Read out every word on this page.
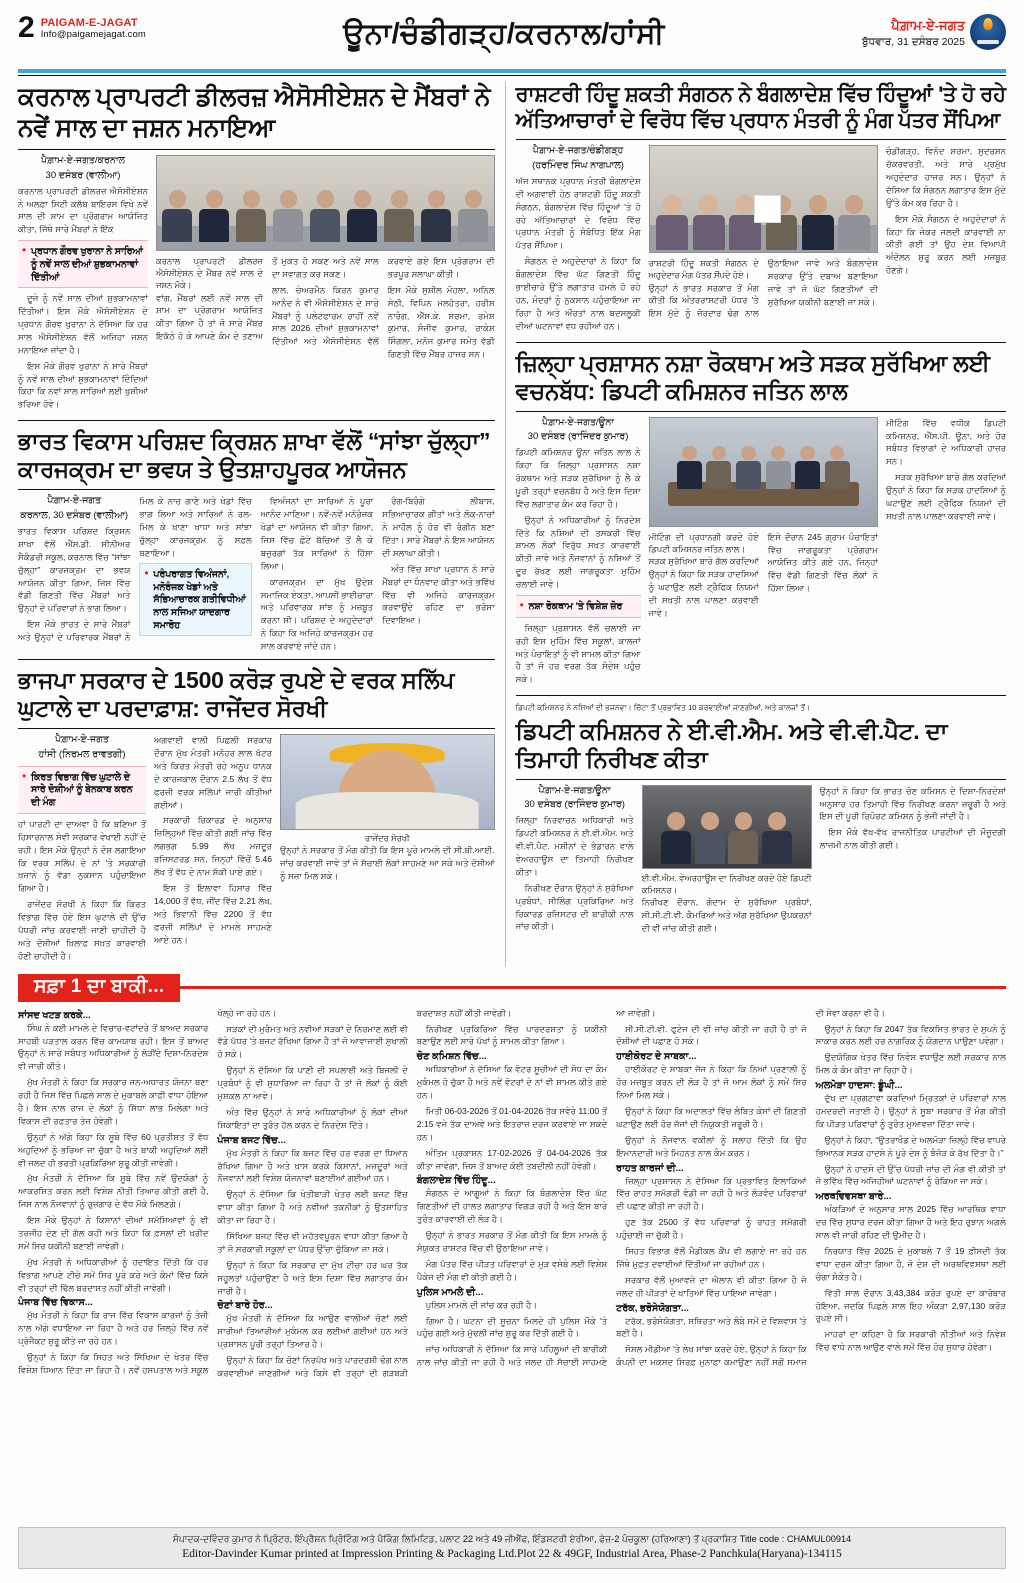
2 PAIGAM-E-JAGAT
Info@paigamejagat.com	ਊਨਾ/ਚੰਡੀਗੜ੍ਹ/ਕਰਨਾਲ/ਹਾਂਸੀ	ਪੈਗ਼ਾਮ-ਏ-ਜਗਤ
ਬੁੱਧਵਾਰ, 31 ਦਸੰਬਰ 2025
ਕਰਨਾਲ ਪ੍ਰਾਪਰਟੀ ਡੀਲਰਜ਼ ਐਸੋਸੀਏਸ਼ਨ ਦੇ ਮੈਂਬਰਾਂ ਨੇ ਨਵੇਂ ਸਾਲ ਦਾ ਜਸ਼ਨ ਮਨਾਇਆ
ਪੈਗ਼ਾਮ-ਏ-ਜਗਤ/ਕਰਨਾਲ
30 ਦਸੰਬਰ (ਵਾਲੀਆ)

ਕਰਨਾਲ ਪ੍ਰਾਪਰਟੀ ਡੀਲਰਜ਼ ਐਸੋਸੀਏਸ਼ਨ ਨੇ ਅਲਫ਼ਾ ਸਿਟੀ ਕਲੱਬ ਬਾਇਰਸ ਵਿਖੇ ਨਵੇਂ ਸਾਲ ਦੀ ਸ਼ਾਮ ਦਾ ਪ੍ਰੋਗਰਾਮ ਆਯੋਜਿਤ ਕੀਤਾ, ਜਿੱਥੇ ਸਾਰੇ ਮੈਂਬਰਾਂ ਨੇ ਇੱਕ

• ਪ੍ਰਧਾਨ ਗੌਰਵ ਖੁਰਾਨਾ ਨੇ ਸਾਰਿਆਂ ਨੂੰ ਨਵੇਂ ਸਾਲ ਦੀਆਂ ਸ਼ੁਭਕਾਮਨਾਵਾਂ ਦਿੱਤੀਆਂ

ਦੂਜੇ ਨੂੰ ਨਵੇਂ ਸਾਲ ਦੀਆਂ ਸ਼ੁਭਕਾਮਨਾਵਾਂ ਦਿੱਤੀਆਂ। ਇਸ ਮੌਕੇ ਐਸੋਸੀਏਸ਼ਨ ਦੇ ਪ੍ਰਧਾਨ ਗੌਰਵ ਖੁਰਾਨਾ ਨੇ ਦੱਸਿਆ ਕਿ ਹਰ ਸਾਲ ਐਸੋਸੀਏਸ਼ਨ ਵੱਲੋਂ ਅਜਿਹਾ ਜਸ਼ਨ ਮਨਾਇਆ ਜਾਂਦਾ ਹੈ।

ਇਸ ਮੌਕੇ ਗੌਰਵ ਖੁਰਾਨਾ ਨੇ ਸਾਰੇ ਮੈਂਬਰਾਂ ਨੂੰ ਨਵੇਂ ਸਾਲ ਦੀਆਂ ਸ਼ੁਭਕਾਮਨਾਵਾਂ ਦਿੰਦਿਆਂ ਕਿਹਾ ਕਿ ਨਵਾਂ ਸਾਲ ਸਾਰਿਆਂ ਲਈ ਖੁਸ਼ੀਆਂ ਭਰਿਆ ਹੋਵੇ।

ਕਰਨਾਲ ਪ੍ਰਾਪਰਟੀ ਡੀਲਰਜ਼ ਐਸੋਸੀਏਸ਼ਨ ਦੇ ਮੈਂਬਰ ਨਵੇਂ ਸਾਲ ਦੇ ਜਸ਼ਨ ਮੌਕੇ।

ਵਾਂਗ, ਮੈਂਬਰਾਂ ਲਈ ਨਵੇਂ ਸਾਲ ਦੀ ਸ਼ਾਮ ਦਾ ਪ੍ਰੋਗਰਾਮ ਆਯੋਜਿਤ ਕੀਤਾ ਗਿਆ ਹੈ ਤਾਂ ਜੋ ਸਾਰੇ ਮੈਂਬਰ ਇਕੱਠੇ ਹੋ ਕੇ ਆਪਣੇ ਕੰਮ ਦੇ ਤਣਾਅ ਤੋਂ ਮੁਕਤ ਹੋ ਸਕਣ ਅਤੇ ਨਵੇਂ ਸਾਲ ਦਾ ਸਵਾਗਤ ਕਰ ਸਕਣ।

ਲਾਲ, ਚੇਅਰਮੈਨ ਕਿਰਨ ਕੁਮਾਰ ਆਨੰਦ ਨੇ ਵੀ ਐਸੋਸੀਏਸ਼ਨ ਦੇ ਸਾਰੇ ਮੈਂਬਰਾਂ ਨੂੰ ਪਲੇਟਫਾਰਮ ਰਾਹੀਂ ਨਵੇਂ ਸਾਲ 2026 ਦੀਆਂ ਸ਼ੁਭਕਾਮਨਾਵਾਂ ਦਿੱਤੀਆਂ ਅਤੇ ਐਸੋਸੀਏਸ਼ਨ ਵੱਲੋਂ ਕਰਵਾਏ ਗਏ ਇਸ ਪ੍ਰੋਗਰਾਮ ਦੀ ਭਰਪੂਰ ਸਲਾਘਾ ਕੀਤੀ।

ਇਸ ਮੌਕੇ ਸੁਸ਼ੀਲ ਮੋਹਲਾ, ਅਨਿਲ ਸੇਠੀ, ਵਿਪਿਨ ਮਲਹੋਤਰਾ, ਹਰੀਸ਼ ਨਾਰੰਗ, ਐੱਸ.ਕੇ. ਸ਼ਰਮਾ, ਰਮੇਸ਼ ਕੁਮਾਰ, ਸੰਜੀਵ ਕੁਮਾਰ, ਰਾਕੇਸ਼ ਸਿੰਗਲਾ, ਮਨੋਜ ਕੁਮਾਰ ਸਮੇਤ ਵੱਡੀ ਗਿਣਤੀ ਵਿੱਚ ਮੈਂਬਰ ਹਾਜ਼ਰ ਸਨ।

ਭਾਰਤ ਵਿਕਾਸ ਪਰਿਸ਼ਦ ਕ੍ਰਿਸ਼ਨ ਸ਼ਾਖਾ ਵੱਲੋਂ “ਸਾਂਝਾ ਚੁੱਲ੍ਹਾ” ਕਾਰਜਕ੍ਰਮ ਦਾ ਭਵਯ ਤੇ ਉਤਸ਼ਾਹਪੂਰਕ ਆਯੋਜਨ
ਪੈਗ਼ਾਮ-ਏ-ਜਗਤ
ਕਰਨਾਲ, 30 ਦਸੰਬਰ (ਵਾਲੀਆ)

ਭਾਰਤ ਵਿਕਾਸ ਪਰਿਸ਼ਦ ਕ੍ਰਿਸ਼ਨ ਸ਼ਾਖਾ ਵੱਲੋਂ ਐੱਸ.ਡੀ. ਸੀਨੀਅਰ ਸੈਕੰਡਰੀ ਸਕੂਲ, ਕਰਨਾਲ ਵਿੱਚ “ਸਾਂਝਾ ਚੁੱਲ੍ਹਾ” ਕਾਰਜਕ੍ਰਮ ਦਾ ਭਵਯ ਆਯੋਜਨ ਕੀਤਾ ਗਿਆ, ਜਿਸ ਵਿੱਚ ਵੱਡੀ ਗਿਣਤੀ ਵਿੱਚ ਮੈਂਬਰਾਂ ਅਤੇ ਉਨ੍ਹਾਂ ਦੇ ਪਰਿਵਾਰਾਂ ਨੇ ਭਾਗ ਲਿਆ।

ਇਸ ਮੌਕੇ ਭਾਰਤ ਦੇ ਸਾਰੇ ਮੈਂਬਰਾਂ ਅਤੇ ਉਨ੍ਹਾਂ ਦੇ ਪਰਿਵਾਰਕ ਮੈਂਬਰਾਂ ਨੇ ਮਿਲ ਕੇ ਨਾਚ ਗਾਣੇ ਅਤੇ ਖੇਡਾਂ ਵਿੱਚ ਭਾਗ ਲਿਆ ਅਤੇ ਸਾਰਿਆਂ ਨੇ ਰਲ-ਮਿਲ ਕੇ ਖਾਣਾ ਖਾਧਾ ਅਤੇ ਸਾਂਝਾ ਚੁੱਲ੍ਹਾ ਕਾਰਜਕ੍ਰਮ ਨੂੰ ਸਫ਼ਲ ਬਣਾਇਆ।

• ਪਰੰਪਰਾਗਤ ਵਿਅੰਜਨਾਂ, ਮਨੋਰੰਜਕ ਖੇਡਾਂ ਅਤੇ ਸੱਭਿਆਚਾਰਕ ਗਤੀਵਿਧੀਆਂ ਨਾਲ ਸਜਿਆ ਯਾਦਗਾਰ ਸਮਾਰੋਹ

ਵਿਅੰਜਨਾਂ ਦਾ ਸਾਰਿਆਂ ਨੇ ਪੂਰਾ ਆਨੰਦ ਮਾਣਿਆ। ਨਵੇਂ-ਨਵੇਂ ਮਨੋਰੰਜਕ ਖੇਡਾਂ ਦਾ ਆਯੋਜਨ ਵੀ ਕੀਤਾ ਗਿਆ, ਜਿਸ ਵਿੱਚ ਛੋਟੇ ਬੱਚਿਆਂ ਤੋਂ ਲੈ ਕੇ ਬਜ਼ੁਰਗਾਂ ਤੱਕ ਸਾਰਿਆਂ ਨੇ ਹਿੱਸਾ ਲਿਆ।

ਕਾਰਜਕ੍ਰਮ ਦਾ ਮੁੱਖ ਉਦੇਸ਼ ਸਮਾਜਿਕ ਏਕਤਾ, ਆਪਸੀ ਭਾਈਚਾਰਾ ਅਤੇ ਪਰਿਵਾਰਕ ਸਾਂਝ ਨੂੰ ਮਜ਼ਬੂਤ ਕਰਨਾ ਸੀ। ਪਰਿਸ਼ਦ ਦੇ ਅਹੁਦੇਦਾਰਾਂ ਨੇ ਕਿਹਾ ਕਿ ਅਜਿਹੇ ਕਾਰਜਕ੍ਰਮ ਹਰ ਸਾਲ ਕਰਵਾਏ ਜਾਂਦੇ ਹਨ।

ਰੰਗ-ਬਿਰੰਗੇ ਲੀਬਾਸ, ਸਭਿਆਚਾਰਕ ਗੀਤਾਂ ਅਤੇ ਲੋਕ-ਨਾਚਾਂ ਨੇ ਮਾਹੌਲ ਨੂੰ ਹੋਰ ਵੀ ਰੰਗੀਨ ਬਣਾ ਦਿੱਤਾ। ਸਾਰੇ ਮੈਂਬਰਾਂ ਨੇ ਇਸ ਆਯੋਜਨ ਦੀ ਸ਼ਲਾਘਾ ਕੀਤੀ।

ਅੰਤ ਵਿੱਚ ਸ਼ਾਖਾ ਪ੍ਰਧਾਨ ਨੇ ਸਾਰੇ ਮੈਂਬਰਾਂ ਦਾ ਧੰਨਵਾਦ ਕੀਤਾ ਅਤੇ ਭਵਿੱਖ ਵਿੱਚ ਵੀ ਅਜਿਹੇ ਕਾਰਜਕ੍ਰਮ ਕਰਵਾਉਂਦੇ ਰਹਿਣ ਦਾ ਭਰੋਸਾ ਦਿਵਾਇਆ।

ਭਾਜਪਾ ਸਰਕਾਰ ਦੇ 1500 ਕਰੋੜ ਰੁਪਏ ਦੇ ਵਰਕ ਸਲਿੱਪ ਘੁਟਾਲੇ ਦਾ ਪਰਦਾਫ਼ਾਸ਼: ਰਾਜੇਂਦਰ ਸੋਰਖੀ
ਪੈਗ਼ਾਮ-ਏ-ਜਗਤ
ਹਾਂਸੀ (ਨਿਰਮਲ ਰਾਵਤਗੀ)

• ਕਿਰਤ ਵਿਭਾਗ ਵਿੱਚ ਘੁਟਾਲੇ ਦੇ ਸਾਰੇ ਦੋਸ਼ੀਆਂ ਨੂੰ ਬੇਨਕਾਬ ਕਰਨ ਦੀ ਮੰਗ

ਹਾਂ ਪਾਰਟੀ ਦਾ ਦਾਅਵਾ ਹੈ ਕਿ ਬਣਿਆ ਤੋਂ ਹਿਸਾਰਨਾਲ ਸੇਵੀ ਸਰਕਾਰ ਵੇਖਾਈ ਨਹੀਂ ਦੇ ਰਹੀ। ਇਸ ਮੌਕੇ ਉਨ੍ਹਾਂ ਨੇ ਦੋਸ਼ ਲਗਾਇਆ ਕਿ ਵਰਕ ਸਲਿੱਪ ਦੇ ਨਾਂ 'ਤੇ ਸਰਕਾਰੀ ਖ਼ਜ਼ਾਨੇ ਨੂੰ ਵੱਡਾ ਨੁਕਸਾਨ ਪਹੁੰਚਾਇਆ ਗਿਆ ਹੈ।

ਰਾਜੇਂਦਰ ਸੋਰਖੀ ਨੇ ਕਿਹਾ ਕਿ ਕਿਰਤ ਵਿਭਾਗ ਵਿੱਚ ਹੋਏ ਇਸ ਘੁਟਾਲੇ ਦੀ ਉੱਚ ਪੱਧਰੀ ਜਾਂਚ ਕਰਵਾਈ ਜਾਣੀ ਚਾਹੀਦੀ ਹੈ ਅਤੇ ਦੋਸ਼ੀਆਂ ਖ਼ਿਲਾਫ਼ ਸਖ਼ਤ ਕਾਰਵਾਈ ਹੋਣੀ ਚਾਹੀਦੀ ਹੈ।

ਅਗਵਾਈ ਵਾਲੀ ਪਿਛਲੀ ਸਰਕਾਰ ਦੌਰਾਨ ਮੁੱਖ ਮੰਤਰੀ ਮਨੋਹਰ ਲਾਲ ਖੱਟਰ ਅਤੇ ਕਿਰਤ ਮੰਤਰੀ ਰਹੇ ਅਨੂਪ ਧਾਨਕ ਦੇ ਕਾਰਜਕਾਲ ਦੌਰਾਨ 2.5 ਲੱਖ ਤੋਂ ਵੱਧ ਫਰਜ਼ੀ ਵਰਕ ਸਲਿੱਪਾਂ ਜਾਰੀ ਕੀਤੀਆਂ ਗਈਆਂ।

ਸਰਕਾਰੀ ਰਿਕਾਰਡ ਦੇ ਅਨੁਸਾਰ ਜ਼ਿਲ੍ਹਿਆਂ ਵਿੱਚ ਕੀਤੀ ਗਈ ਜਾਂਚ ਵਿੱਚ ਲਗਭਗ 5.99 ਲੱਖ ਮਜ਼ਦੂਰ ਰਜਿਸਟਰਡ ਸਨ, ਜਿਨ੍ਹਾਂ ਵਿੱਚੋਂ 5.46 ਲੱਖ ਤੋਂ ਵੱਧ ਦੇ ਨਾਮ ਸ਼ੱਕੀ ਪਾਏ ਗਏ।

ਇਸ ਤੋਂ ਇਲਾਵਾ ਹਿਸਾਰ ਵਿੱਚ 14,000 ਤੋਂ ਵੱਧ, ਜੀਂਦ ਵਿੱਚ 2.21 ਲੱਖ, ਅਤੇ ਭਿਵਾਨੀ ਵਿੱਚ 2200 ਤੋਂ ਵੱਧ ਫਰਜ਼ੀ ਸਲਿੱਪਾਂ ਦੇ ਮਾਮਲੇ ਸਾਹਮਣੇ ਆਏ ਹਨ।

ਰਾਜੇਂਦਰ ਸੋਰਖੀ

ਉਨ੍ਹਾਂ ਨੇ ਸਰਕਾਰ ਤੋਂ ਮੰਗ ਕੀਤੀ ਕਿ ਇਸ ਪੂਰੇ ਮਾਮਲੇ ਦੀ ਸੀ.ਬੀ.ਆਈ. ਜਾਂਚ ਕਰਵਾਈ ਜਾਵੇ ਤਾਂ ਜੋ ਸੱਚਾਈ ਲੋਕਾਂ ਸਾਹਮਣੇ ਆ ਸਕੇ ਅਤੇ ਦੋਸ਼ੀਆਂ ਨੂੰ ਸਜ਼ਾ ਮਿਲ ਸਕੇ।

ਰਾਸ਼ਟਰੀ ਹਿੰਦੂ ਸ਼ਕਤੀ ਸੰਗਠਨ ਨੇ ਬੰਗਲਾਦੇਸ਼ ਵਿੱਚ ਹਿੰਦੂਆਂ 'ਤੇ ਹੋ ਰਹੇ ਅੱਤਿਆਚਾਰਾਂ ਦੇ ਵਿਰੋਧ ਵਿੱਚ ਪ੍ਰਧਾਨ ਮੰਤਰੀ ਨੂੰ ਮੰਗ ਪੱਤਰ ਸੌਂਪਿਆ
ਪੈਗ਼ਾਮ-ਏ-ਜਗਤ/ਚੰਡੀਗੜ੍ਹ
(ਹਰਮਿੰਦਰ ਸਿੰਘ ਨਾਗਪਾਲ)

ਅੱਜ ਸਥਾਨਕ ਪ੍ਰਧਾਨ ਮੰਤਰੀ ਬੰਗਲਾਦੇਸ਼ ਦੀ ਅਗਵਾਈ ਹੇਠ ਰਾਸ਼ਟਰੀ ਹਿੰਦੂ ਸ਼ਕਤੀ ਸੰਗਠਨ, ਬੰਗਲਾਦੇਸ਼ ਵਿੱਚ ਹਿੰਦੂਆਂ 'ਤੇ ਹੋ ਰਹੇ ਅੱਤਿਆਚਾਰਾਂ ਦੇ ਵਿਰੋਧ ਵਿੱਚ ਪ੍ਰਧਾਨ ਮੰਤਰੀ ਨੂੰ ਸੰਬੋਧਿਤ ਇੱਕ ਮੰਗ ਪੱਤਰ ਸੌਂਪਿਆ।

ਸੰਗਠਨ ਦੇ ਅਹੁਦੇਦਾਰਾਂ ਨੇ ਕਿਹਾ ਕਿ ਬੰਗਲਾਦੇਸ਼ ਵਿੱਚ ਘੱਟ ਗਿਣਤੀ ਹਿੰਦੂ ਭਾਈਚਾਰੇ ਉੱਤੇ ਲਗਾਤਾਰ ਹਮਲੇ ਹੋ ਰਹੇ ਹਨ, ਮੰਦਰਾਂ ਨੂੰ ਨੁਕਸਾਨ ਪਹੁੰਚਾਇਆ ਜਾ ਰਿਹਾ ਹੈ ਅਤੇ ਔਰਤਾਂ ਨਾਲ ਬਦਸਲੂਕੀ ਦੀਆਂ ਘਟਨਾਵਾਂ ਵਧ ਰਹੀਆਂ ਹਨ।

ਰਾਸ਼ਟਰੀ ਹਿੰਦੂ ਸ਼ਕਤੀ ਸੰਗਠਨ ਦੇ ਅਹੁਦੇਦਾਰ ਮੰਗ ਪੱਤਰ ਸੌਂਪਦੇ ਹੋਏ।

ਉਨ੍ਹਾਂ ਨੇ ਭਾਰਤ ਸਰਕਾਰ ਤੋਂ ਮੰਗ ਕੀਤੀ ਕਿ ਅੰਤਰਰਾਸ਼ਟਰੀ ਪੱਧਰ 'ਤੇ ਇਸ ਮੁੱਦੇ ਨੂੰ ਜ਼ੋਰਦਾਰ ਢੰਗ ਨਾਲ ਉਠਾਇਆ ਜਾਵੇ ਅਤੇ ਬੰਗਲਾਦੇਸ਼ ਸਰਕਾਰ ਉੱਤੇ ਦਬਾਅ ਬਣਾਇਆ ਜਾਵੇ ਤਾਂ ਜੋ ਘੱਟ ਗਿਣਤੀਆਂ ਦੀ ਸੁਰੱਖਿਆ ਯਕੀਨੀ ਬਣਾਈ ਜਾ ਸਕੇ।

ਚੰਡੀਗੜ੍ਹ, ਵਿਨੋਦ ਸ਼ਰਮਾ, ਸੁਦਰਸ਼ਨ ਚੱਕਰਵਰਤੀ, ਅਤੇ ਸਾਰੇ ਪ੍ਰਮੁੱਖ ਅਹੁਦੇਦਾਰ ਹਾਜ਼ਰ ਸਨ। ਉਨ੍ਹਾਂ ਨੇ ਦੱਸਿਆ ਕਿ ਸੰਗਠਨ ਲਗਾਤਾਰ ਇਸ ਮੁੱਦੇ ਉੱਤੇ ਕੰਮ ਕਰ ਰਿਹਾ ਹੈ।

ਇਸ ਮੌਕੇ ਸੰਗਠਨ ਦੇ ਅਹੁਦੇਦਾਰਾਂ ਨੇ ਕਿਹਾ ਕਿ ਜੇਕਰ ਜਲਦੀ ਕਾਰਵਾਈ ਨਾ ਕੀਤੀ ਗਈ ਤਾਂ ਉਹ ਦੇਸ਼ ਵਿਆਪੀ ਅੰਦੋਲਨ ਸ਼ੁਰੂ ਕਰਨ ਲਈ ਮਜਬੂਰ ਹੋਣਗੇ।

ਜ਼ਿਲ੍ਹਾ ਪ੍ਰਸ਼ਾਸਨ ਨਸ਼ਾ ਰੋਕਥਾਮ ਅਤੇ ਸੜਕ ਸੁਰੱਖਿਆ ਲਈ ਵਚਨਬੱਧ: ਡਿਪਟੀ ਕਮਿਸ਼ਨਰ ਜਤਿਨ ਲਾਲ
ਪੈਗ਼ਾਮ-ਏ-ਜਗਤ/ਊਨਾ
30 ਦਸੰਬਰ (ਰਾਜਿੰਦਰ ਕੁਮਾਰ)

ਡਿਪਟੀ ਕਮਿਸ਼ਨਰ ਊਨਾ ਜਤਿਨ ਲਾਲ ਨੇ ਕਿਹਾ ਕਿ ਜ਼ਿਲ੍ਹਾ ਪ੍ਰਸ਼ਾਸਨ ਨਸ਼ਾ ਰੋਕਥਾਮ ਅਤੇ ਸੜਕ ਸੁਰੱਖਿਆ ਨੂੰ ਲੈ ਕੇ ਪੂਰੀ ਤਰ੍ਹਾਂ ਵਚਨਬੱਧ ਹੈ ਅਤੇ ਇਸ ਦਿਸ਼ਾ ਵਿੱਚ ਲਗਾਤਾਰ ਕੰਮ ਕਰ ਰਿਹਾ ਹੈ।

ਉਨ੍ਹਾਂ ਨੇ ਅਧਿਕਾਰੀਆਂ ਨੂੰ ਨਿਰਦੇਸ਼ ਦਿੱਤੇ ਕਿ ਨਸ਼ਿਆਂ ਦੀ ਤਸਕਰੀ ਵਿੱਚ ਸ਼ਾਮਲ ਲੋਕਾਂ ਵਿਰੁੱਧ ਸਖ਼ਤ ਕਾਰਵਾਈ ਕੀਤੀ ਜਾਵੇ ਅਤੇ ਨੌਜਵਾਨਾਂ ਨੂੰ ਨਸ਼ਿਆਂ ਤੋਂ ਦੂਰ ਰੱਖਣ ਲਈ ਜਾਗਰੂਕਤਾ ਮੁਹਿੰਮ ਚਲਾਈ ਜਾਵੇ।

• ਨਸ਼ਾ ਰੋਕਥਾਮ 'ਤੇ ਵਿਸ਼ੇਸ਼ ਜ਼ੋਰ

ਜ਼ਿਲ੍ਹਾ ਪ੍ਰਸ਼ਾਸਨ ਵੱਲੋਂ ਚਲਾਈ ਜਾ ਰਹੀ ਇਸ ਮੁਹਿੰਮ ਵਿੱਚ ਸਕੂਲਾਂ, ਕਾਲਜਾਂ ਅਤੇ ਪੰਚਾਇਤਾਂ ਨੂੰ ਵੀ ਸ਼ਾਮਲ ਕੀਤਾ ਗਿਆ ਹੈ ਤਾਂ ਜੋ ਹਰ ਵਰਗ ਤੱਕ ਸੰਦੇਸ਼ ਪਹੁੰਚ ਸਕੇ।

ਮੀਟਿੰਗ ਦੀ ਪ੍ਰਧਾਨਗੀ ਕਰਦੇ ਹੋਏ ਡਿਪਟੀ ਕਮਿਸ਼ਨਰ ਜਤਿਨ ਲਾਲ।

ਸੜਕ ਸੁਰੱਖਿਆ ਬਾਰੇ ਗੱਲ ਕਰਦਿਆਂ ਉਨ੍ਹਾਂ ਨੇ ਕਿਹਾ ਕਿ ਸੜਕ ਹਾਦਸਿਆਂ ਨੂੰ ਘਟਾਉਣ ਲਈ ਟ੍ਰੈਫਿਕ ਨਿਯਮਾਂ ਦੀ ਸਖ਼ਤੀ ਨਾਲ ਪਾਲਣਾ ਕਰਵਾਈ ਜਾਵੇ।

ਇਸੇ ਦੌਰਾਨ 245 ਗ੍ਰਾਮ ਪੰਚਾਇਤਾਂ ਵਿੱਚ ਜਾਗਰੂਕਤਾ ਪ੍ਰੋਗਰਾਮ ਆਯੋਜਿਤ ਕੀਤੇ ਗਏ ਹਨ, ਜਿਨ੍ਹਾਂ ਵਿੱਚ ਵੱਡੀ ਗਿਣਤੀ ਵਿੱਚ ਲੋਕਾਂ ਨੇ ਹਿੱਸਾ ਲਿਆ।

ਮੀਟਿੰਗ ਵਿੱਚ ਵਧੀਕ ਡਿਪਟੀ ਕਮਿਸ਼ਨਰ, ਐੱਸ.ਪੀ. ਊਨਾ, ਅਤੇ ਹੋਰ ਸਬੰਧਤ ਵਿਭਾਗਾਂ ਦੇ ਅਧਿਕਾਰੀ ਹਾਜ਼ਰ ਸਨ।

ਸੜਕ ਸੁਰੱਖਿਆ ਬਾਰੇ ਗੱਲ ਕਰਦਿਆਂ ਉਨ੍ਹਾਂ ਨੇ ਕਿਹਾ ਕਿ ਸੜਕ ਹਾਦਸਿਆਂ ਨੂੰ ਘਟਾਉਣ ਲਈ ਟ੍ਰੈਫਿਕ ਨਿਯਮਾਂ ਦੀ ਸਖ਼ਤੀ ਨਾਲ ਪਾਲਣਾ ਕਰਵਾਈ ਜਾਵੇ।

ਡਿਪਟੀ ਕਮਿਸ਼ਨਰ ਨੇ ਨਸ਼ਿਆਂ ਦੀ ਭਜਨਵਾ। ਚਿੱਟਾ ਤੋਂ ਪ੍ਰਭਾਵਿਤ 10 ਕਰਵਾਈਆਂ ਜਾਣਗੀਆਂ, ਅਤੇ ਕਾਲਜਾਂ ਤੋਂ।

ਡਿਪਟੀ ਕਮਿਸ਼ਨਰ ਨੇ ਈ.ਵੀ.ਐਮ. ਅਤੇ ਵੀ.ਵੀ.ਪੈਟ. ਦਾ ਤਿਮਾਹੀ ਨਿਰੀਖਣ ਕੀਤਾ
ਪੈਗ਼ਾਮ-ਏ-ਜਗਤ/ਊਨਾ
30 ਦਸੰਬਰ (ਰਾਜਿੰਦਰ ਕੁਮਾਰ)

ਜ਼ਿਲ੍ਹਾ ਨਿਰਵਾਚਨ ਅਧਿਕਾਰੀ ਅਤੇ ਡਿਪਟੀ ਕਮਿਸ਼ਨਰ ਨੇ ਈ.ਵੀ.ਐਮ. ਅਤੇ ਵੀ.ਵੀ.ਪੈਟ. ਮਸ਼ੀਨਾਂ ਦੇ ਭੰਡਾਰਨ ਵਾਲੇ ਵੇਅਰਹਾਊਸ ਦਾ ਤਿਮਾਹੀ ਨਿਰੀਖਣ ਕੀਤਾ।

ਨਿਰੀਖਣ ਦੌਰਾਨ ਉਨ੍ਹਾਂ ਨੇ ਸੁਰੱਖਿਆ ਪ੍ਰਬੰਧਾਂ, ਸੀਲਿੰਗ ਪ੍ਰਕਿਰਿਆ ਅਤੇ ਰਿਕਾਰਡ ਰਜਿਸਟਰ ਦੀ ਬਾਰੀਕੀ ਨਾਲ ਜਾਂਚ ਕੀਤੀ।

ਈ.ਵੀ.ਐਮ. ਵੇਅਰਹਾਊਸ ਦਾ ਨਿਰੀਖਣ ਕਰਦੇ ਹੋਏ ਡਿਪਟੀ ਕਮਿਸ਼ਨਰ।

ਨਿਰੀਖਣ ਦੌਰਾਨ, ਗੋਦਾਮ ਦੇ ਸੁਰੱਖਿਆ ਪ੍ਰਬੰਧਾਂ, ਸੀ.ਸੀ.ਟੀ.ਵੀ. ਕੈਮਰਿਆਂ ਅਤੇ ਅੱਗ ਸੁਰੱਖਿਆ ਉਪਕਰਨਾਂ ਦੀ ਵੀ ਜਾਂਚ ਕੀਤੀ ਗਈ।

ਉਨ੍ਹਾਂ ਨੇ ਕਿਹਾ ਕਿ ਭਾਰਤ ਚੋਣ ਕਮਿਸ਼ਨ ਦੇ ਦਿਸ਼ਾ-ਨਿਰਦੇਸ਼ਾਂ ਅਨੁਸਾਰ ਹਰ ਤਿਮਾਹੀ ਵਿੱਚ ਨਿਰੀਖਣ ਕਰਨਾ ਜ਼ਰੂਰੀ ਹੈ ਅਤੇ ਇਸ ਦੀ ਪੂਰੀ ਰਿਪੋਰਟ ਕਮਿਸ਼ਨ ਨੂੰ ਭੇਜੀ ਜਾਂਦੀ ਹੈ।

ਇਸ ਮੌਕੇ ਵੱਖ-ਵੱਖ ਰਾਜਨੀਤਿਕ ਪਾਰਟੀਆਂ ਦੀ ਮੌਜੂਦਗੀ ਲਾਜ਼ਮੀ ਨਾਲ ਕੀਤੀ ਗਈ।

ਸਫ਼ਾ 1 ਦਾ ਬਾਕੀ...
ਸਾਂਸਦ ਖਟੜ ਕਰਕੇ...

ਸਿੰਘ ਨੇ ਕਈ ਮਾਮਲੇ ਦੇ ਵਿਚਾਰ-ਵਟਾਂਦਰੇ ਤੋਂ ਬਾਅਦ ਸਰਕਾਰ ਸਾਹਬੀ ਪੜਤਾਲ ਕਰਨ ਵਿੱਚ ਕਾਮਯਾਬ ਰਹੀ। ਇਸ ਤੋਂ ਬਾਅਦ ਉਨ੍ਹਾਂ ਨੇ ਸਾਰੇ ਸਬੰਧਤ ਅਧਿਕਾਰੀਆਂ ਨੂੰ ਲੋੜੀਂਦੇ ਦਿਸ਼ਾ-ਨਿਰਦੇਸ਼ ਵੀ ਜਾਰੀ ਕੀਤੇ।

ਮੁੱਖ ਮੰਤਰੀ ਨੇ ਕਿਹਾ ਕਿ ਸਰਕਾਰ ਜਨ-ਅਧਾਰਤ ਯੋਜਨਾ ਬਣਾ ਰਹੀ ਹੈ ਜਿਸ ਵਿੱਚ ਪਿਛਲੇ ਸਾਲ ਦੇ ਮੁਕਾਬਲੇ ਕਾਫ਼ੀ ਵਾਧਾ ਹੋਇਆ ਹੈ। ਇਸ ਨਾਲ ਰਾਜ ਦੇ ਲੋਕਾਂ ਨੂੰ ਸਿੱਧਾ ਲਾਭ ਮਿਲੇਗਾ ਅਤੇ ਵਿਕਾਸ ਦੀ ਰਫ਼ਤਾਰ ਤੇਜ਼ ਹੋਵੇਗੀ।

ਉਨ੍ਹਾਂ ਨੇ ਅੱਗੇ ਕਿਹਾ ਕਿ ਸੂਬੇ ਵਿੱਚ 60 ਪ੍ਰਤੀਸ਼ਤ ਤੋਂ ਵੱਧ ਅਹੁਦਿਆਂ ਨੂੰ ਭਰਿਆ ਜਾ ਚੁੱਕਾ ਹੈ ਅਤੇ ਬਾਕੀ ਅਹੁਦਿਆਂ ਲਈ ਵੀ ਜਲਦ ਹੀ ਭਰਤੀ ਪ੍ਰਕਿਰਿਆ ਸ਼ੁਰੂ ਕੀਤੀ ਜਾਵੇਗੀ।

ਮੁੱਖ ਮੰਤਰੀ ਨੇ ਦੱਸਿਆ ਕਿ ਸੂਬੇ ਵਿੱਚ ਨਵੇਂ ਉਦਯੋਗਾਂ ਨੂੰ ਆਕਰਸ਼ਿਤ ਕਰਨ ਲਈ ਵਿਸ਼ੇਸ਼ ਨੀਤੀ ਤਿਆਰ ਕੀਤੀ ਗਈ ਹੈ, ਜਿਸ ਨਾਲ ਨੌਜਵਾਨਾਂ ਨੂੰ ਰੁਜ਼ਗਾਰ ਦੇ ਵੱਧ ਮੌਕੇ ਮਿਲਣਗੇ।

ਇਸ ਮੌਕੇ ਉਨ੍ਹਾਂ ਨੇ ਕਿਸਾਨਾਂ ਦੀਆਂ ਸਮੱਸਿਆਵਾਂ ਨੂੰ ਵੀ ਤਰਜੀਹ ਦੇਣ ਦੀ ਗੱਲ ਕਹੀ ਅਤੇ ਕਿਹਾ ਕਿ ਫ਼ਸਲਾਂ ਦੀ ਖਰੀਦ ਸਮੇਂ ਸਿਰ ਯਕੀਨੀ ਬਣਾਈ ਜਾਵੇਗੀ।

ਮੁੱਖ ਮੰਤਰੀ ਨੇ ਅਧਿਕਾਰੀਆਂ ਨੂੰ ਹਦਾਇਤ ਦਿੱਤੀ ਕਿ ਹਰ ਵਿਭਾਗ ਆਪਣੇ ਟੀਚੇ ਸਮੇਂ ਸਿਰ ਪੂਰੇ ਕਰੇ ਅਤੇ ਕੰਮਾਂ ਵਿੱਚ ਕਿਸੇ ਵੀ ਤਰ੍ਹਾਂ ਦੀ ਢਿੱਲ ਬਰਦਾਸ਼ਤ ਨਹੀਂ ਕੀਤੀ ਜਾਵੇਗੀ।

ਪੰਜਾਬ ਵਿੱਚ ਵਿਕਾਸ...

ਮੁੱਖ ਮੰਤਰੀ ਨੇ ਕਿਹਾ ਕਿ ਰਾਜ ਵਿੱਚ ਵਿਕਾਸ ਕਾਰਜਾਂ ਨੂੰ ਤੇਜ਼ੀ ਨਾਲ ਅੱਗੇ ਵਧਾਇਆ ਜਾ ਰਿਹਾ ਹੈ ਅਤੇ ਹਰ ਜ਼ਿਲ੍ਹੇ ਵਿੱਚ ਨਵੇਂ ਪ੍ਰੋਜੈਕਟ ਸ਼ੁਰੂ ਕੀਤੇ ਜਾ ਰਹੇ ਹਨ।

ਉਨ੍ਹਾਂ ਨੇ ਕਿਹਾ ਕਿ ਸਿਹਤ ਅਤੇ ਸਿੱਖਿਆ ਦੇ ਖੇਤਰ ਵਿੱਚ ਵਿਸ਼ੇਸ਼ ਧਿਆਨ ਦਿੱਤਾ ਜਾ ਰਿਹਾ ਹੈ। ਨਵੇਂ ਹਸਪਤਾਲ ਅਤੇ ਸਕੂਲ ਖੋਲ੍ਹੇ ਜਾ ਰਹੇ ਹਨ।

ਸੜਕਾਂ ਦੀ ਮੁਰੰਮਤ ਅਤੇ ਨਵੀਆਂ ਸੜਕਾਂ ਦੇ ਨਿਰਮਾਣ ਲਈ ਵੀ ਵੱਡੇ ਪੱਧਰ 'ਤੇ ਬਜਟ ਰੱਖਿਆ ਗਿਆ ਹੈ ਤਾਂ ਜੋ ਆਵਾਜਾਈ ਸੁਖਾਲੀ ਹੋ ਸਕੇ।

ਉਨ੍ਹਾਂ ਨੇ ਦੱਸਿਆ ਕਿ ਪਾਣੀ ਦੀ ਸਪਲਾਈ ਅਤੇ ਬਿਜਲੀ ਦੇ ਪ੍ਰਬੰਧਾਂ ਨੂੰ ਵੀ ਸੁਧਾਰਿਆ ਜਾ ਰਿਹਾ ਹੈ ਤਾਂ ਜੋ ਲੋਕਾਂ ਨੂੰ ਕੋਈ ਮੁਸ਼ਕਲ ਨਾ ਆਵੇ।

ਅੰਤ ਵਿੱਚ ਉਨ੍ਹਾਂ ਨੇ ਸਾਰੇ ਅਧਿਕਾਰੀਆਂ ਨੂੰ ਲੋਕਾਂ ਦੀਆਂ ਸ਼ਿਕਾਇਤਾਂ ਦਾ ਤੁਰੰਤ ਹੱਲ ਕਰਨ ਦੇ ਨਿਰਦੇਸ਼ ਦਿੱਤੇ।

ਪੰਜਾਬ ਬਜਟ ਵਿੱਚ...

ਮੁੱਖ ਮੰਤਰੀ ਨੇ ਕਿਹਾ ਕਿ ਬਜਟ ਵਿੱਚ ਹਰ ਵਰਗ ਦਾ ਧਿਆਨ ਰੱਖਿਆ ਗਿਆ ਹੈ ਅਤੇ ਖ਼ਾਸ ਕਰਕੇ ਕਿਸਾਨਾਂ, ਮਜ਼ਦੂਰਾਂ ਅਤੇ ਨੌਜਵਾਨਾਂ ਲਈ ਵਿਸ਼ੇਸ਼ ਯੋਜਨਾਵਾਂ ਬਣਾਈਆਂ ਗਈਆਂ ਹਨ।

ਉਨ੍ਹਾਂ ਨੇ ਦੱਸਿਆ ਕਿ ਖੇਤੀਬਾੜੀ ਖੇਤਰ ਲਈ ਬਜਟ ਵਿੱਚ ਵਾਧਾ ਕੀਤਾ ਗਿਆ ਹੈ ਅਤੇ ਨਵੀਆਂ ਤਕਨੀਕਾਂ ਨੂੰ ਉਤਸ਼ਾਹਿਤ ਕੀਤਾ ਜਾ ਰਿਹਾ ਹੈ।

ਸਿੱਖਿਆ ਬਜਟ ਵਿੱਚ ਵੀ ਮਹੱਤਵਪੂਰਨ ਵਾਧਾ ਕੀਤਾ ਗਿਆ ਹੈ ਤਾਂ ਜੋ ਸਰਕਾਰੀ ਸਕੂਲਾਂ ਦਾ ਪੱਧਰ ਉੱਚਾ ਚੁੱਕਿਆ ਜਾ ਸਕੇ।

ਉਨ੍ਹਾਂ ਨੇ ਕਿਹਾ ਕਿ ਸਰਕਾਰ ਦਾ ਮੁੱਖ ਟੀਚਾ ਹਰ ਘਰ ਤੱਕ ਸਹੂਲਤਾਂ ਪਹੁੰਚਾਉਣਾ ਹੈ ਅਤੇ ਇਸ ਦਿਸ਼ਾ ਵਿੱਚ ਲਗਾਤਾਰ ਕੰਮ ਜਾਰੀ ਹੈ।

ਚੋਣਾਂ ਬਾਰੇ ਹੋਰ...

ਮੁੱਖ ਮੰਤਰੀ ਨੇ ਦੱਸਿਆ ਕਿ ਆਉਣ ਵਾਲੀਆਂ ਚੋਣਾਂ ਲਈ ਸਾਰੀਆਂ ਤਿਆਰੀਆਂ ਮੁਕੰਮਲ ਕਰ ਲਈਆਂ ਗਈਆਂ ਹਨ ਅਤੇ ਪ੍ਰਸ਼ਾਸਨ ਪੂਰੀ ਤਰ੍ਹਾਂ ਤਿਆਰ ਹੈ।

ਉਨ੍ਹਾਂ ਨੇ ਕਿਹਾ ਕਿ ਚੋਣਾਂ ਨਿਰਪੱਖ ਅਤੇ ਪਾਰਦਰਸ਼ੀ ਢੰਗ ਨਾਲ ਕਰਵਾਈਆਂ ਜਾਣਗੀਆਂ ਅਤੇ ਕਿਸੇ ਵੀ ਤਰ੍ਹਾਂ ਦੀ ਗੜਬੜੀ ਬਰਦਾਸ਼ਤ ਨਹੀਂ ਕੀਤੀ ਜਾਵੇਗੀ।

ਨਿਰੀਖਣ ਪ੍ਰਕਿਰਿਆ ਵਿੱਚ ਪਾਰਦਰਸ਼ਤਾ ਨੂੰ ਯਕੀਨੀ ਬਣਾਉਣ ਲਈ ਸਾਰੇ ਪੱਖਾਂ ਨੂੰ ਸ਼ਾਮਲ ਕੀਤਾ ਗਿਆ।

ਚੋਣ ਕਮਿਸ਼ਨ ਵਿੱਚ...

ਅਧਿਕਾਰੀਆਂ ਨੇ ਦੱਸਿਆ ਕਿ ਵੋਟਰ ਸੂਚੀਆਂ ਦੀ ਸੋਧ ਦਾ ਕੰਮ ਮੁਕੰਮਲ ਹੋ ਚੁੱਕਾ ਹੈ ਅਤੇ ਨਵੇਂ ਵੋਟਰਾਂ ਦੇ ਨਾਂ ਵੀ ਸ਼ਾਮਲ ਕੀਤੇ ਗਏ ਹਨ।

ਮਿਤੀ 06-03-2026 ਤੋਂ 01-04-2026 ਤੱਕ ਸਵੇਰੇ 11:00 ਤੋਂ 2:15 ਵਜੇ ਤੱਕ ਦਾਅਵੇ ਅਤੇ ਇਤਰਾਜ਼ ਦਰਜ ਕਰਵਾਏ ਜਾ ਸਕਦੇ ਹਨ।

ਅੰਤਿਮ ਪ੍ਰਕਾਸ਼ਨ 17-02-2026 ਤੋਂ 04-04-2026 ਤੱਕ ਕੀਤਾ ਜਾਵੇਗਾ, ਜਿਸ ਤੋਂ ਬਾਅਦ ਕੋਈ ਤਬਦੀਲੀ ਨਹੀਂ ਹੋਵੇਗੀ।

ਬੰਗਲਾਦੇਸ਼ ਵਿੱਚ ਹਿੰਦੂ...

ਸੰਗਠਨ ਦੇ ਆਗੂਆਂ ਨੇ ਕਿਹਾ ਕਿ ਬੰਗਲਾਦੇਸ਼ ਵਿੱਚ ਘੱਟ ਗਿਣਤੀਆਂ ਦੀ ਹਾਲਤ ਲਗਾਤਾਰ ਵਿਗੜ ਰਹੀ ਹੈ ਅਤੇ ਇਸ ਬਾਰੇ ਤੁਰੰਤ ਕਾਰਵਾਈ ਦੀ ਲੋੜ ਹੈ।

ਉਨ੍ਹਾਂ ਨੇ ਭਾਰਤ ਸਰਕਾਰ ਤੋਂ ਮੰਗ ਕੀਤੀ ਕਿ ਇਸ ਮਾਮਲੇ ਨੂੰ ਸੰਯੁਕਤ ਰਾਸ਼ਟਰ ਵਿੱਚ ਵੀ ਉਠਾਇਆ ਜਾਵੇ।

ਮੰਗ ਪੱਤਰ ਵਿੱਚ ਪੀੜਤ ਪਰਿਵਾਰਾਂ ਦੇ ਮੁੜ ਵਸੇਬੇ ਲਈ ਵਿਸ਼ੇਸ਼ ਪੈਕੇਜ ਦੀ ਮੰਗ ਵੀ ਕੀਤੀ ਗਈ ਹੈ।

ਪੁਲਿਸ ਮਾਮਲੇ ਦੀ...

ਪੁਲਿਸ ਮਾਮਲੇ ਦੀ ਜਾਂਚ ਕਰ ਰਹੀ ਹੈ।

ਗਿਆ ਹੈ। ਘਟਨਾ ਦੀ ਸੂਚਨਾ ਮਿਲਦੇ ਹੀ ਪੁਲਿਸ ਮੌਕੇ 'ਤੇ ਪਹੁੰਚ ਗਈ ਅਤੇ ਮੁੱਢਲੀ ਜਾਂਚ ਸ਼ੁਰੂ ਕਰ ਦਿੱਤੀ ਗਈ ਹੈ।

ਜਾਂਚ ਅਧਿਕਾਰੀ ਨੇ ਦੱਸਿਆ ਕਿ ਸਾਰੇ ਪਹਿਲੂਆਂ ਦੀ ਬਾਰੀਕੀ ਨਾਲ ਜਾਂਚ ਕੀਤੀ ਜਾ ਰਹੀ ਹੈ ਅਤੇ ਜਲਦ ਹੀ ਸੱਚਾਈ ਸਾਹਮਣੇ ਆ ਜਾਵੇਗੀ।

ਸੀ.ਸੀ.ਟੀ.ਵੀ. ਫੁਟੇਜ ਦੀ ਵੀ ਜਾਂਚ ਕੀਤੀ ਜਾ ਰਹੀ ਹੈ ਤਾਂ ਜੋ ਦੋਸ਼ੀਆਂ ਦੀ ਪਛਾਣ ਹੋ ਸਕੇ।

ਹਾਈਕੋਰਟ ਦੇ ਸਾਬਕਾ...

ਹਾਈਕੋਰਟ ਦੇ ਸਾਬਕਾ ਜੱਜ ਨੇ ਕਿਹਾ ਕਿ ਨਿਆਂ ਪ੍ਰਣਾਲੀ ਨੂੰ ਹੋਰ ਮਜ਼ਬੂਤ ਕਰਨ ਦੀ ਲੋੜ ਹੈ ਤਾਂ ਜੋ ਆਮ ਲੋਕਾਂ ਨੂੰ ਸਮੇਂ ਸਿਰ ਨਿਆਂ ਮਿਲ ਸਕੇ।

ਉਨ੍ਹਾਂ ਨੇ ਕਿਹਾ ਕਿ ਅਦਾਲਤਾਂ ਵਿੱਚ ਲੰਬਿਤ ਕੇਸਾਂ ਦੀ ਗਿਣਤੀ ਘਟਾਉਣ ਲਈ ਹੋਰ ਜੱਜਾਂ ਦੀ ਨਿਯੁਕਤੀ ਜ਼ਰੂਰੀ ਹੈ।

ਉਨ੍ਹਾਂ ਨੇ ਨੌਜਵਾਨ ਵਕੀਲਾਂ ਨੂੰ ਸਲਾਹ ਦਿੱਤੀ ਕਿ ਉਹ ਇਮਾਨਦਾਰੀ ਅਤੇ ਮਿਹਨਤ ਨਾਲ ਕੰਮ ਕਰਨ।

ਰਾਹਤ ਕਾਰਜਾਂ ਦੀ...

ਜ਼ਿਲ੍ਹਾ ਪ੍ਰਸ਼ਾਸਨ ਨੇ ਦੱਸਿਆ ਕਿ ਪ੍ਰਭਾਵਿਤ ਇਲਾਕਿਆਂ ਵਿੱਚ ਰਾਹਤ ਸਮੱਗਰੀ ਵੰਡੀ ਜਾ ਰਹੀ ਹੈ ਅਤੇ ਲੋੜਵੰਦ ਪਰਿਵਾਰਾਂ ਦੀ ਪਛਾਣ ਕੀਤੀ ਜਾ ਰਹੀ ਹੈ।

ਹੁਣ ਤੱਕ 2500 ਤੋਂ ਵੱਧ ਪਰਿਵਾਰਾਂ ਨੂੰ ਰਾਹਤ ਸਮੱਗਰੀ ਪਹੁੰਚਾਈ ਜਾ ਚੁੱਕੀ ਹੈ।

ਸਿਹਤ ਵਿਭਾਗ ਵੱਲੋਂ ਮੈਡੀਕਲ ਕੈਂਪ ਵੀ ਲਗਾਏ ਜਾ ਰਹੇ ਹਨ ਜਿੱਥੇ ਮੁਫ਼ਤ ਦਵਾਈਆਂ ਦਿੱਤੀਆਂ ਜਾ ਰਹੀਆਂ ਹਨ।

ਸਰਕਾਰ ਵੱਲੋਂ ਮੁਆਵਜ਼ੇ ਦਾ ਐਲਾਨ ਵੀ ਕੀਤਾ ਗਿਆ ਹੈ ਜੋ ਜਲਦ ਹੀ ਪੀੜਤਾਂ ਦੇ ਖਾਤਿਆਂ ਵਿੱਚ ਪਾਇਆ ਜਾਵੇਗਾ।

ਟਰੱਕ, ਭਰੋਸੇਯੋਗਤਾ...

ਟਰੱਕ, ਭਰੋਸੇਯੋਗਤਾ, ਸਥਿਰਤਾ ਅਤੇ ਲੰਬੇ ਸਮੇਂ ਦੇ ਵਿਸ਼ਵਾਸ 'ਤੇ ਬਣੀ ਹੈ।

ਸੋਸ਼ਲ ਮੀਡੀਆ 'ਤੇ ਲੇਖ ਸਾਂਝਾ ਕਰਦੇ ਹੋਏ, ਉਨ੍ਹਾਂ ਨੇ ਕਿਹਾ ਕਿ ਕੰਪਨੀ ਦਾ ਮਕਸਦ ਸਿਰਫ਼ ਮੁਨਾਫ਼ਾ ਕਮਾਉਣਾ ਨਹੀਂ ਸਗੋਂ ਸਮਾਜ ਦੀ ਸੇਵਾ ਕਰਨਾ ਵੀ ਹੈ।

ਉਨ੍ਹਾਂ ਨੇ ਕਿਹਾ ਕਿ 2047 ਤੱਕ ਵਿਕਸਿਤ ਭਾਰਤ ਦੇ ਸੁਪਨੇ ਨੂੰ ਸਾਕਾਰ ਕਰਨ ਲਈ ਹਰ ਨਾਗਰਿਕ ਨੂੰ ਯੋਗਦਾਨ ਪਾਉਣਾ ਪਵੇਗਾ।

ਉਦਯੋਗਿਕ ਖੇਤਰ ਵਿੱਚ ਨਿਵੇਸ਼ ਵਧਾਉਣ ਲਈ ਸਰਕਾਰ ਨਾਲ ਮਿਲ ਕੇ ਕੰਮ ਕੀਤਾ ਜਾ ਰਿਹਾ ਹੈ।

ਅਲਮੋੜਾ ਹਾਦਸਾ: ਡੂੰਘੀ...

ਦੁੱਖ ਦਾ ਪ੍ਰਗਟਾਵਾ ਕਰਦਿਆਂ ਮ੍ਰਿਤਕਾਂ ਦੇ ਪਰਿਵਾਰਾਂ ਨਾਲ ਹਮਦਰਦੀ ਜਤਾਈ ਹੈ। ਉਨ੍ਹਾਂ ਨੇ ਸੂਬਾ ਸਰਕਾਰ ਤੋਂ ਮੰਗ ਕੀਤੀ ਕਿ ਪੀੜਤ ਪਰਿਵਾਰਾਂ ਨੂੰ ਤੁਰੰਤ ਮੁਆਵਜ਼ਾ ਦਿੱਤਾ ਜਾਵੇ।

ਉਨ੍ਹਾਂ ਨੇ ਕਿਹਾ, “ਉਤਰਾਖੰਡ ਦੇ ਅਲਮੋੜਾ ਜ਼ਿਲ੍ਹੇ ਵਿੱਚ ਵਾਪਰੇ ਭਿਆਨਕ ਸੜਕ ਹਾਦਸੇ ਨੇ ਪੂਰੇ ਦੇਸ਼ ਨੂੰ ਝੰਜੋੜ ਕੇ ਰੱਖ ਦਿੱਤਾ ਹੈ।”

ਉਨ੍ਹਾਂ ਨੇ ਹਾਦਸੇ ਦੀ ਉੱਚ ਪੱਧਰੀ ਜਾਂਚ ਦੀ ਮੰਗ ਵੀ ਕੀਤੀ ਤਾਂ ਜੋ ਭਵਿੱਖ ਵਿੱਚ ਅਜਿਹੀਆਂ ਘਟਨਾਵਾਂ ਨੂੰ ਰੋਕਿਆ ਜਾ ਸਕੇ।

ਅਰਥਵਿਵਸਥਾ ਬਾਰੇ...

ਅੰਕੜਿਆਂ ਦੇ ਅਨੁਸਾਰ ਸਾਲ 2025 ਵਿੱਚ ਆਰਥਿਕ ਵਾਧਾ ਦਰ ਵਿੱਚ ਸੁਧਾਰ ਦਰਜ ਕੀਤਾ ਗਿਆ ਹੈ ਅਤੇ ਇਹ ਰੁਝਾਨ ਅਗਲੇ ਸਾਲ ਵੀ ਜਾਰੀ ਰਹਿਣ ਦੀ ਉਮੀਦ ਹੈ।

ਨਿਰਯਾਤ ਵਿੱਚ 2025 ਦੇ ਮੁਕਾਬਲੇ 7 ਤੋਂ 19 ਫ਼ੀਸਦੀ ਤੱਕ ਵਾਧਾ ਦਰਜ ਕੀਤਾ ਗਿਆ ਹੈ, ਜੋ ਦੇਸ਼ ਦੀ ਅਰਥਵਿਵਸਥਾ ਲਈ ਚੰਗਾ ਸੰਕੇਤ ਹੈ।

ਵਿੱਤੀ ਸਾਲ ਦੌਰਾਨ 3,43,384 ਕਰੋੜ ਰੁਪਏ ਦਾ ਕਾਰੋਬਾਰ ਹੋਇਆ, ਜਦਕਿ ਪਿਛਲੇ ਸਾਲ ਇਹ ਅੰਕੜਾ 2,97,130 ਕਰੋੜ ਰੁਪਏ ਸੀ।

ਮਾਹਰਾਂ ਦਾ ਕਹਿਣਾ ਹੈ ਕਿ ਸਰਕਾਰੀ ਨੀਤੀਆਂ ਅਤੇ ਨਿਵੇਸ਼ ਵਿੱਚ ਵਾਧੇ ਨਾਲ ਆਉਣ ਵਾਲੇ ਸਮੇਂ ਵਿੱਚ ਹੋਰ ਸੁਧਾਰ ਹੋਵੇਗਾ।

ਸੰਪਾਦਕ-ਦਵਿੰਦਰ ਕੁਮਾਰ ਨੇ ਪ੍ਰਿੰਟਰ, ਇੰਪ੍ਰੈਸ਼ਨ ਪ੍ਰਿੰਟਿੰਗ ਅਤੇ ਪੈਕਿੰਗ ਲਿਮਿਟਿਡ, ਪਲਾਟ 22 ਅਤੇ 49 ਜੀਐੱਫ, ਇੰਡਸਟਰੀ ਏਰੀਆ, ਫੇਜ਼-2 ਪੰਚਕੂਲਾ (ਹਰਿਆਣਾ) ਤੋਂ ਪ੍ਰਕਾਸ਼ਿਤ Title code : CHAMUL00914
Editor-Davinder Kumar printed at Impression Printing & Packaging Ltd.Plot 22 & 49GF, Industrial Area, Phase-2 Panchkula(Haryana)-134115
